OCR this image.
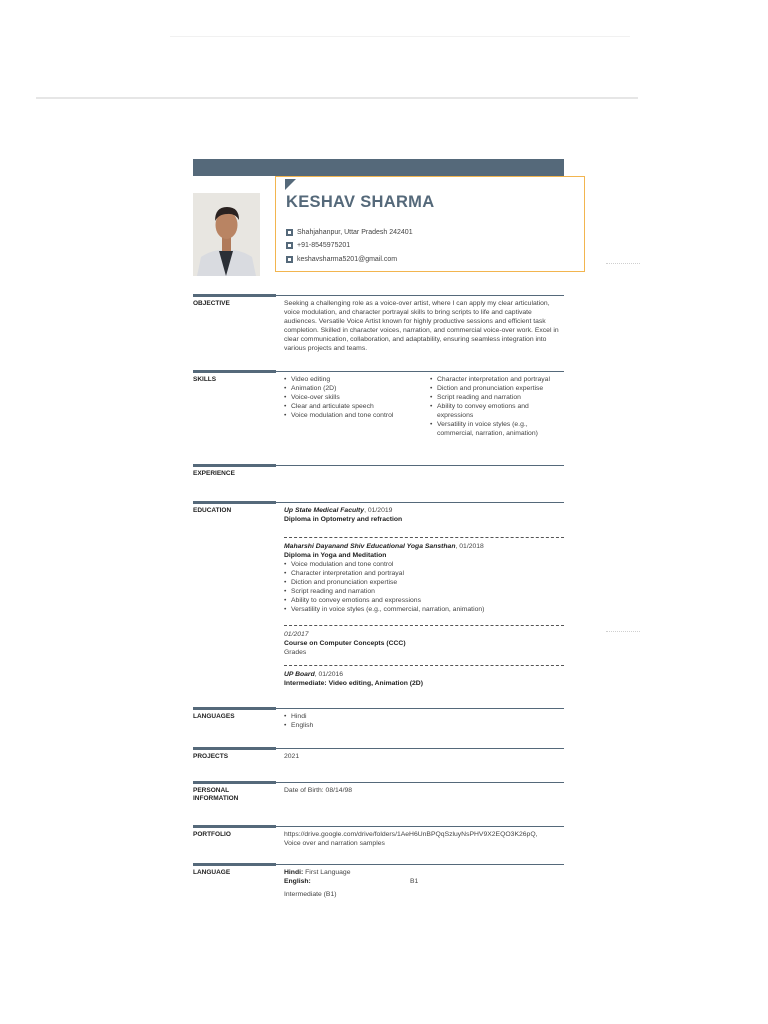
KESHAV SHARMA
Shahjahanpur, Uttar Pradesh 242401
+91-8545975201
keshavsharma5201@gmail.com
OBJECTIVE	Seeking a challenging role as a voice-over artist, where I can apply my clear articulation, voice modulation, and character portrayal skills to bring scripts to life and captivate audiences. Versatile Voice Artist known for highly productive sessions and efficient task completion. Skilled in character voices, narration, and commercial voice-over work. Excel in clear communication, collaboration, and adaptability, ensuring seamless integration into various projects and teams.

SKILLS	• Video editing
• Animation (2D)
• Voice-over skills
• Clear and articulate speech
• Voice modulation and tone control
• Character interpretation and portrayal
• Diction and pronunciation expertise
• Script reading and narration
• Ability to convey emotions and expressions
• Versatility in voice styles (e.g., commercial, narration, animation)
EXPERIENCE
EDUCATION	Up State Medical Faculty, 01/2019
Diploma in Optometry and refraction
Maharshi Dayanand Shiv Educational Yoga Sansthan, 01/2018
Diploma in Yoga and Meditation
• Voice modulation and tone control
• Character interpretation and portrayal
• Diction and pronunciation expertise
• Script reading and narration
• Ability to convey emotions and expressions
• Versatility in voice styles (e.g., commercial, narration, animation)
01/2017
Course on Computer Concepts (CCC)
Grades
UP Board, 01/2016
Intermediate: Video editing, Animation (2D)
LANGUAGES	• Hindi
• English
PROJECTS	2021
PERSONAL INFORMATION
Date of Birth: 08/14/98
PORTFOLIO	https://drive.google.com/drive/folders/1AeH6UnBPQqSzluyNsPHV9X2EQO3K26pQ,
Voice over and narration samples
LANGUAGE	Hindi: First Language
English:	B1
Intermediate (B1)
